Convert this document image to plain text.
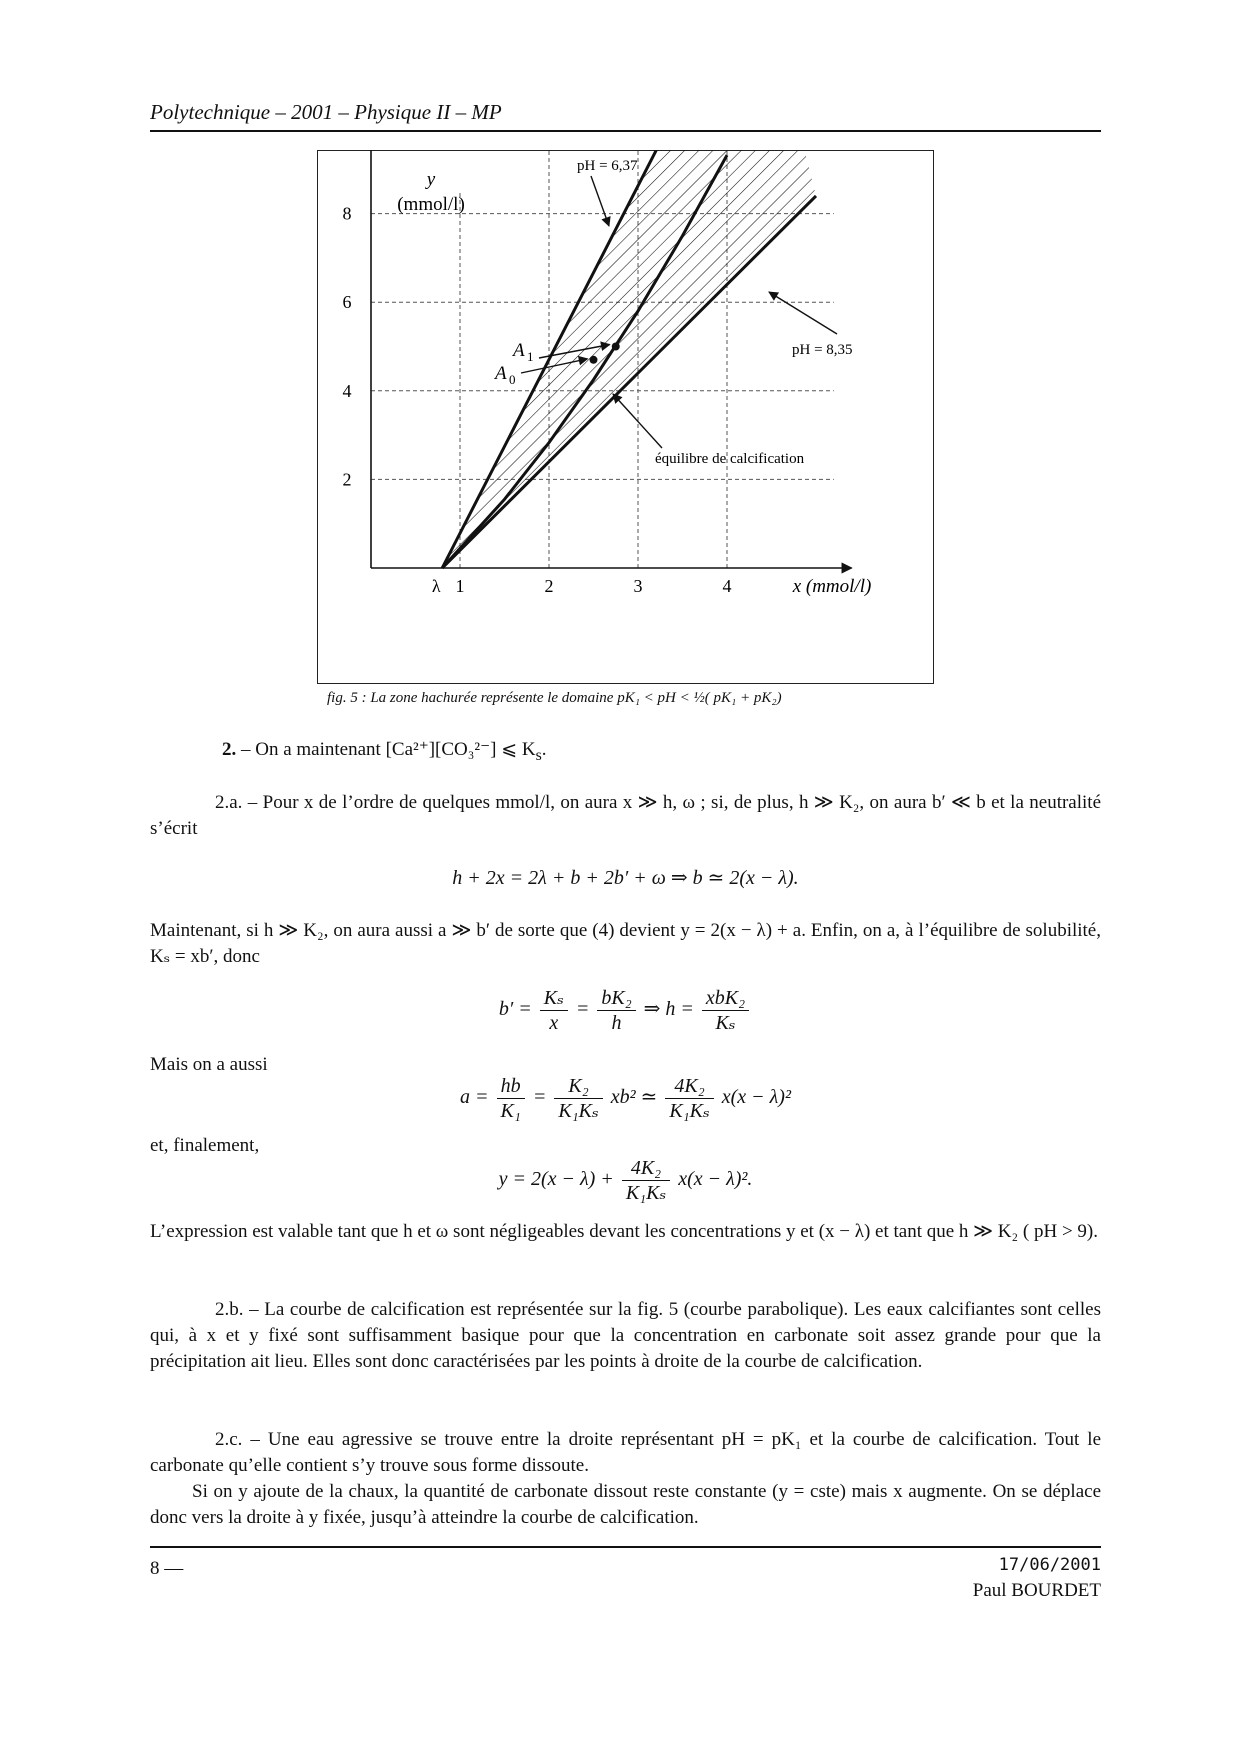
Polytechnique – 2001 – Physique II – MP
1	2	3	4
2
4
6
8
λ	x (mmol/l)
y
(mmol/l)
pH = 6,37
pH = 8,35
équilibre de calcification
A 1
A 0
fig. 5 : La zone hachurée représente le domaine pK₁ < pH < ½( pK₁ + pK₂)
2. – On a maintenant [Ca²⁺][CO₃²⁻] ⩽ $K_s$.
2.a. – Pour x de l’ordre de quelques mmol/l, on aura x ≫ h, ω ; si, de plus, h ≫ K₂, on aura b′ ≪ b et la neutralité s’écrit
h + 2x = 2λ + b + 2b′ + ω ⇒ b ≃ 2(x − λ).
Maintenant, si h ≫ K₂, on aura aussi a ≫ b′ de sorte que (4) devient y = 2(x − λ) + a. Enfin, on a, à l’équilibre de solubilité, Kₛ = xb′, donc
$b' = \frac{\text{Kₛ}}{x} = \frac{\text{bK₂}}{h}$ ⇒ $h = \frac{\text{xbK₂}}{\text{Kₛ}}$
Mais on a aussi
$a = \frac{hb}{\text{K₁}} = \frac{\text{K₂}}{\text{K₁Kₛ}} xb^2$ ≃ $\frac{\text{4K₂}}{\text{K₁Kₛ}} x(x - \lambda)^2$
et, finalement,
$y = 2(x - \lambda) + \frac{\text{4K₂}}{\text{K₁Kₛ}} x(x - \lambda)^2$.
L’expression est valable tant que h et ω sont négligeables devant les concentrations y et (x − λ) et tant que h ≫ K₂ ( pH > 9).
2.b. – La courbe de calcification est représentée sur la fig. 5 (courbe parabolique). Les eaux calcifiantes sont celles qui, à x et y fixé sont suffisamment basique pour que la concentration en carbonate soit assez grande pour que la précipitation ait lieu. Elles sont donc caractérisées par les points à droite de la courbe de calcification.
2.c. – Une eau agressive se trouve entre la droite représentant pH = pK₁ et la courbe de calcification. Tout le carbonate qu’elle contient s’y trouve sous forme dissoute.
Si on y ajoute de la chaux, la quantité de carbonate dissout reste constante (y = cste) mais x augmente. On se déplace donc vers la droite à y fixée, jusqu’à atteindre la courbe de calcification.
8 —	17/06/2001
Paul BOURDET
